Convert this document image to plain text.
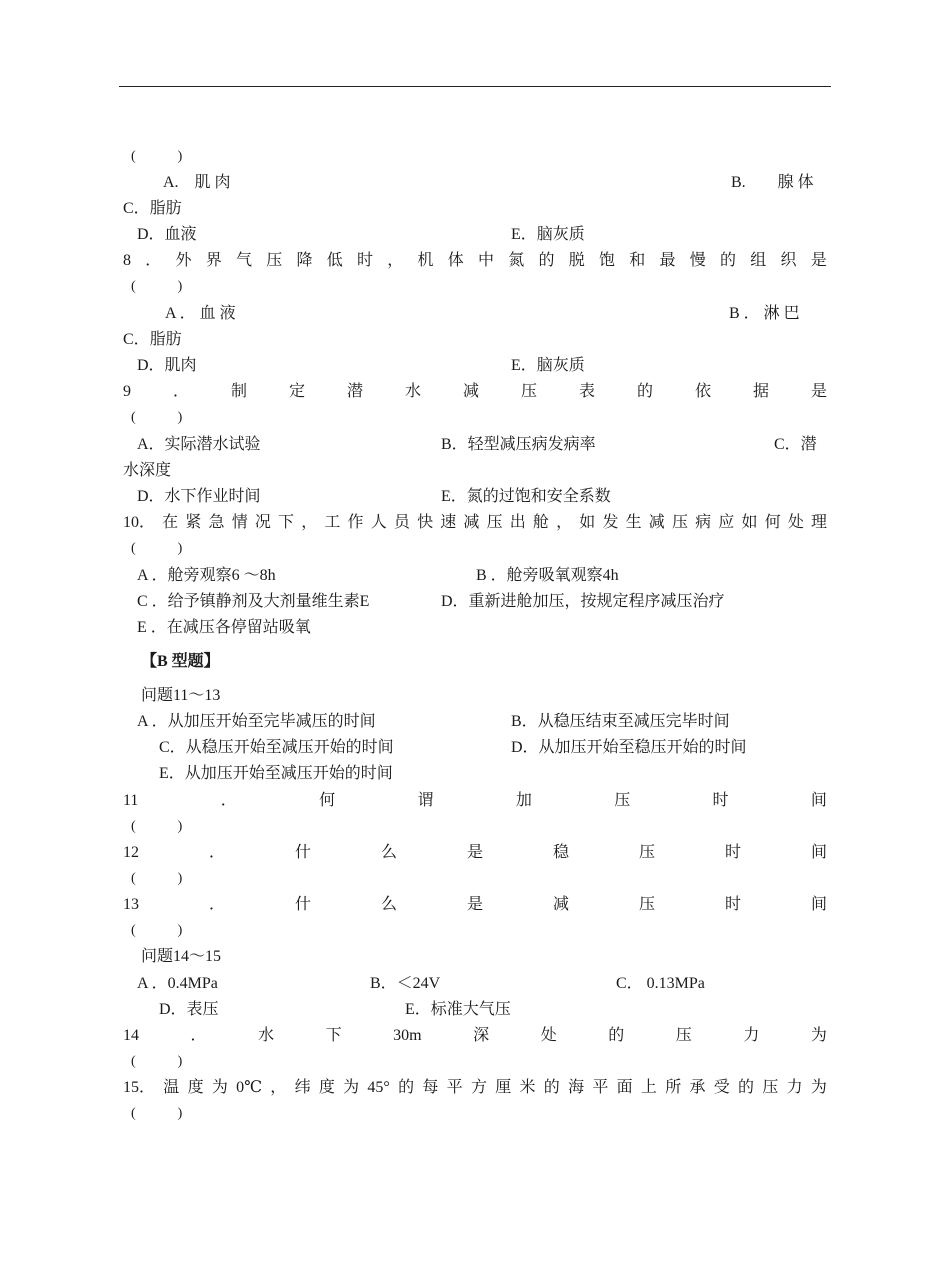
(　　　)
A.　肌 肉	B.　　腺 体
C．脂肪
D．血液	E．脑灰质
8 ． 外 界 气 压 降 低 时 ， 机 体 中 氮 的 脱 饱 和 最 慢 的 组 织 是
(　　　)
A ． 血 液	B ． 淋 巴
C．脂肪
D．肌肉	E．脑灰质
9	．	制	定	潜	水	减	压	表	的	依	据	是
(　　　)
A．实际潜水试验	B．轻型减压病发病率	C．潜
水深度
D．水下作业时间	E．氮的过饱和安全系数
10． 在 紧 急 情 况 下 ， 工 作 人 员 快 速 减 压 出 舱 ， 如 发 生 减 压 病 应 如 何 处 理
(　　　)
A ．舱旁观察6 ～8h	B ．舱旁吸氧观察4h
C ．给予镇静剂及大剂量维生素E	D．重新进舱加压，按规定程序减压治疗
E ．在减压各停留站吸氧
【B 型题】
问题11～13
A ．从加压开始至完毕减压的时间	B．从稳压结束至减压完毕时间
C．从稳压开始至减压开始的时间	D．从加压开始至稳压开始的时间
E．从加压开始至减压开始的时间
11	．	何	谓	加	压	时	间
(　　　)
12	．	什	么	是	稳	压	时	间
(　　　)
13	．	什	么	是	减	压	时	间
(　　　)
问题14～15
A ．0.4MPa	B．＜24V	C． 0.13MPa
D．表压	E．标准大气压
14	．	水	下	30m	深	处	的	压	力	为
(　　　)
15． 温 度 为 0℃ ， 纬 度 为 45° 的 每 平 方 厘 米 的 海 平 面 上 所 承 受 的 压 力 为
(　　　)
